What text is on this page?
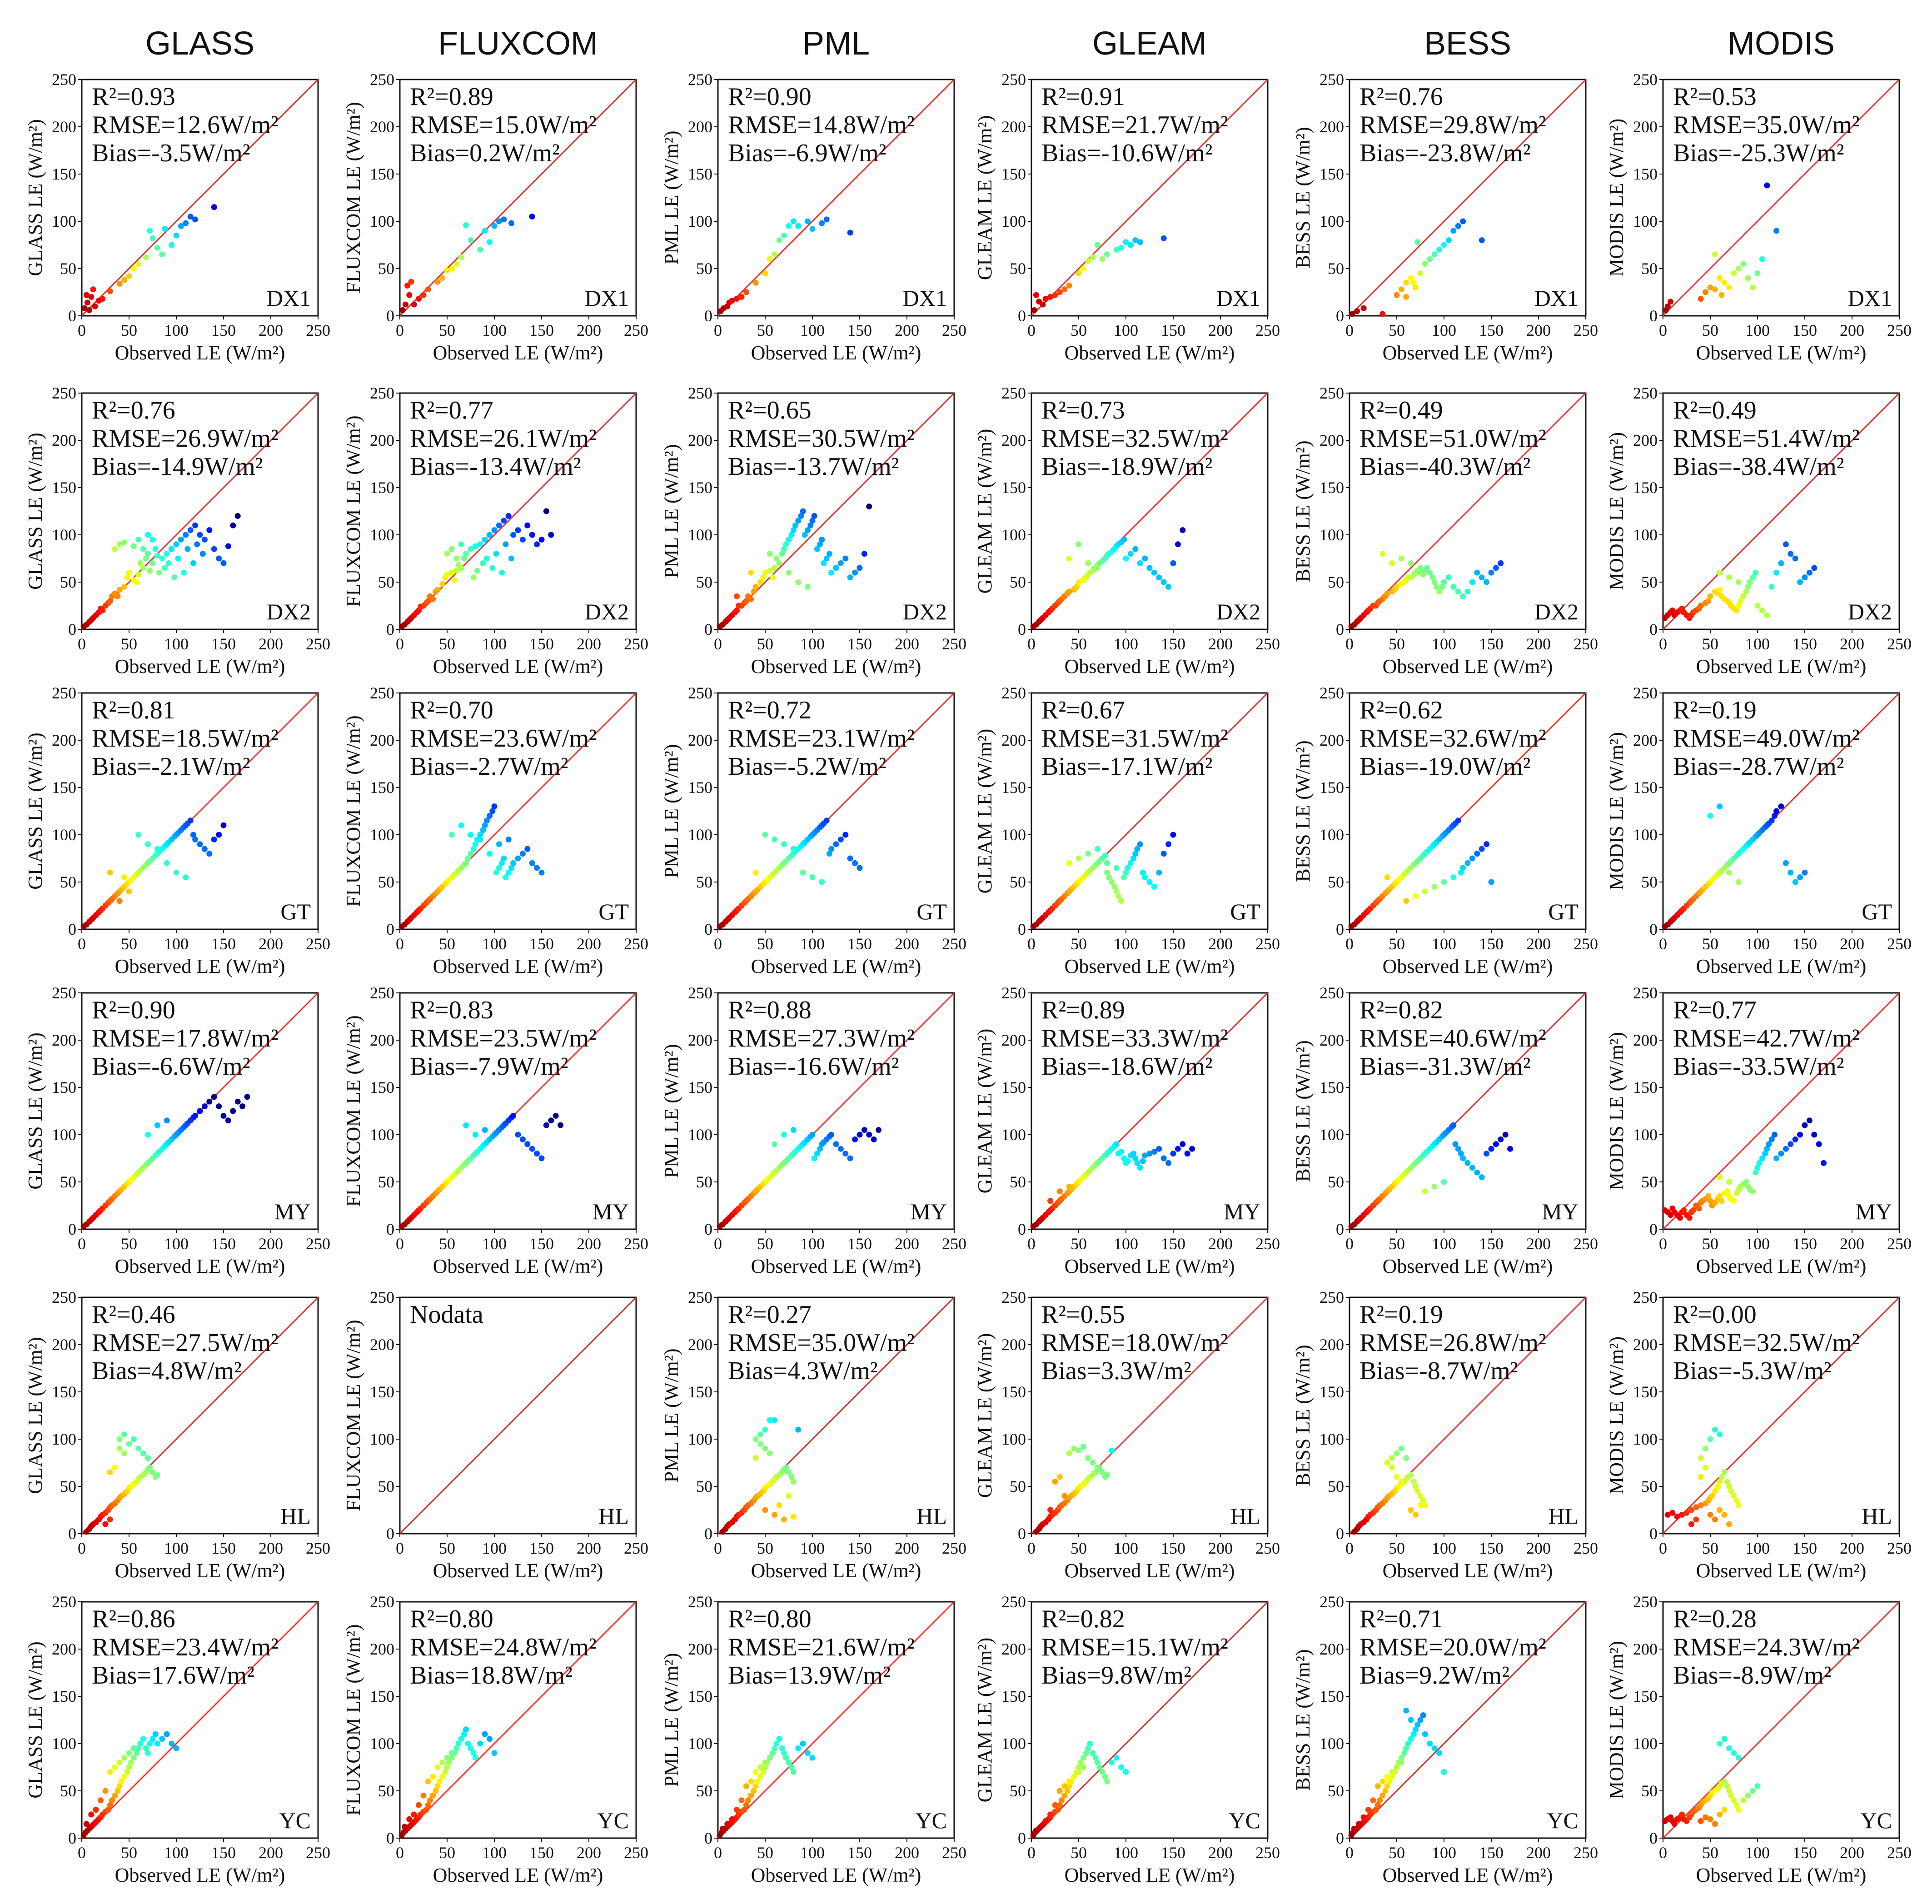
GLASS	FLUXCOM	PML	GLEAM	BESS	MODIS
0
0
50
50
100
100
150
150
200
200
250
250
Observed LE (W/m²)
GLASS LE (W/m²)
R²=0.93
RMSE=12.6W/m²
Bias=-3.5W/m²
DX1
0
0
50
50
100
100
150
150
200
200
250
250
Observed LE (W/m²)
FLUXCOM LE (W/m²)
R²=0.89
RMSE=15.0W/m²
Bias=0.2W/m²
DX1
0
0
50
50
100
100
150
150
200
200
250
250
Observed LE (W/m²)
PML LE (W/m²)
R²=0.90
RMSE=14.8W/m²
Bias=-6.9W/m²
DX1
0
0
50
50
100
100
150
150
200
200
250
250
Observed LE (W/m²)
GLEAM LE (W/m²)
R²=0.91
RMSE=21.7W/m²
Bias=-10.6W/m²
DX1
0
0
50
50
100
100
150
150
200
200
250
250
Observed LE (W/m²)
BESS LE (W/m²)
R²=0.76
RMSE=29.8W/m²
Bias=-23.8W/m²
DX1
0
0
50
50
100
100
150
150
200
200
250
250
Observed LE (W/m²)
MODIS LE (W/m²)
R²=0.53
RMSE=35.0W/m²
Bias=-25.3W/m²
DX1
0
0
50
50
100
100
150
150
200
200
250
250
Observed LE (W/m²)
GLASS LE (W/m²)
R²=0.76
RMSE=26.9W/m²
Bias=-14.9W/m²
DX2
0
0
50
50
100
100
150
150
200
200
250
250
Observed LE (W/m²)
FLUXCOM LE (W/m²)
R²=0.77
RMSE=26.1W/m²
Bias=-13.4W/m²
DX2
0
0
50
50
100
100
150
150
200
200
250
250
Observed LE (W/m²)
PML LE (W/m²)
R²=0.65
RMSE=30.5W/m²
Bias=-13.7W/m²
DX2
0
0
50
50
100
100
150
150
200
200
250
250
Observed LE (W/m²)
GLEAM LE (W/m²)
R²=0.73
RMSE=32.5W/m²
Bias=-18.9W/m²
DX2
0
0
50
50
100
100
150
150
200
200
250
250
Observed LE (W/m²)
BESS LE (W/m²)
R²=0.49
RMSE=51.0W/m²
Bias=-40.3W/m²
DX2
0
0
50
50
100
100
150
150
200
200
250
250
Observed LE (W/m²)
MODIS LE (W/m²)
R²=0.49
RMSE=51.4W/m²
Bias=-38.4W/m²
DX2
0
0
50
50
100
100
150
150
200
200
250
250
Observed LE (W/m²)
GLASS LE (W/m²)
R²=0.81
RMSE=18.5W/m²
Bias=-2.1W/m²
GT
0
0
50
50
100
100
150
150
200
200
250
250
Observed LE (W/m²)
FLUXCOM LE (W/m²)
R²=0.70
RMSE=23.6W/m²
Bias=-2.7W/m²
GT
0
0
50
50
100
100
150
150
200
200
250
250
Observed LE (W/m²)
PML LE (W/m²)
R²=0.72
RMSE=23.1W/m²
Bias=-5.2W/m²
GT
0
0
50
50
100
100
150
150
200
200
250
250
Observed LE (W/m²)
GLEAM LE (W/m²)
R²=0.67
RMSE=31.5W/m²
Bias=-17.1W/m²
GT
0
0
50
50
100
100
150
150
200
200
250
250
Observed LE (W/m²)
BESS LE (W/m²)
R²=0.62
RMSE=32.6W/m²
Bias=-19.0W/m²
GT
0
0
50
50
100
100
150
150
200
200
250
250
Observed LE (W/m²)
MODIS LE (W/m²)
R²=0.19
RMSE=49.0W/m²
Bias=-28.7W/m²
GT
0
0
50
50
100
100
150
150
200
200
250
250
Observed LE (W/m²)
GLASS LE (W/m²)
R²=0.90
RMSE=17.8W/m²
Bias=-6.6W/m²
MY
0
0
50
50
100
100
150
150
200
200
250
250
Observed LE (W/m²)
FLUXCOM LE (W/m²)
R²=0.83
RMSE=23.5W/m²
Bias=-7.9W/m²
MY
0
0
50
50
100
100
150
150
200
200
250
250
Observed LE (W/m²)
PML LE (W/m²)
R²=0.88
RMSE=27.3W/m²
Bias=-16.6W/m²
MY
0
0
50
50
100
100
150
150
200
200
250
250
Observed LE (W/m²)
GLEAM LE (W/m²)
R²=0.89
RMSE=33.3W/m²
Bias=-18.6W/m²
MY
0
0
50
50
100
100
150
150
200
200
250
250
Observed LE (W/m²)
BESS LE (W/m²)
R²=0.82
RMSE=40.6W/m²
Bias=-31.3W/m²
MY
0
0
50
50
100
100
150
150
200
200
250
250
Observed LE (W/m²)
MODIS LE (W/m²)
R²=0.77
RMSE=42.7W/m²
Bias=-33.5W/m²
MY
0
0
50
50
100
100
150
150
200
200
250
250
Observed LE (W/m²)
GLASS LE (W/m²)
R²=0.46
RMSE=27.5W/m²
Bias=4.8W/m²
HL
0
0
50
50
100
100
150
150
200
200
250
250
Observed LE (W/m²)
FLUXCOM LE (W/m²)
Nodata
HL
0
0
50
50
100
100
150
150
200
200
250
250
Observed LE (W/m²)
PML LE (W/m²)
R²=0.27
RMSE=35.0W/m²
Bias=4.3W/m²
HL
0
0
50
50
100
100
150
150
200
200
250
250
Observed LE (W/m²)
GLEAM LE (W/m²)
R²=0.55
RMSE=18.0W/m²
Bias=3.3W/m²
HL
0
0
50
50
100
100
150
150
200
200
250
250
Observed LE (W/m²)
BESS LE (W/m²)
R²=0.19
RMSE=26.8W/m²
Bias=-8.7W/m²
HL
0
0
50
50
100
100
150
150
200
200
250
250
Observed LE (W/m²)
MODIS LE (W/m²)
R²=0.00
RMSE=32.5W/m²
Bias=-5.3W/m²
HL
0
0
50
50
100
100
150
150
200
200
250
250
Observed LE (W/m²)
GLASS LE (W/m²)
R²=0.86
RMSE=23.4W/m²
Bias=17.6W/m²
YC
0
0
50
50
100
100
150
150
200
200
250
250
Observed LE (W/m²)
FLUXCOM LE (W/m²)
R²=0.80
RMSE=24.8W/m²
Bias=18.8W/m²
YC
0
0
50
50
100
100
150
150
200
200
250
250
Observed LE (W/m²)
PML LE (W/m²)
R²=0.80
RMSE=21.6W/m²
Bias=13.9W/m²
YC
0
0
50
50
100
100
150
150
200
200
250
250
Observed LE (W/m²)
GLEAM LE (W/m²)
R²=0.82
RMSE=15.1W/m²
Bias=9.8W/m²
YC
0
0
50
50
100
100
150
150
200
200
250
250
Observed LE (W/m²)
BESS LE (W/m²)
R²=0.71
RMSE=20.0W/m²
Bias=9.2W/m²
YC
0
0
50
50
100
100
150
150
200
200
250
250
Observed LE (W/m²)
MODIS LE (W/m²)
R²=0.28
RMSE=24.3W/m²
Bias=-8.9W/m²
YC
